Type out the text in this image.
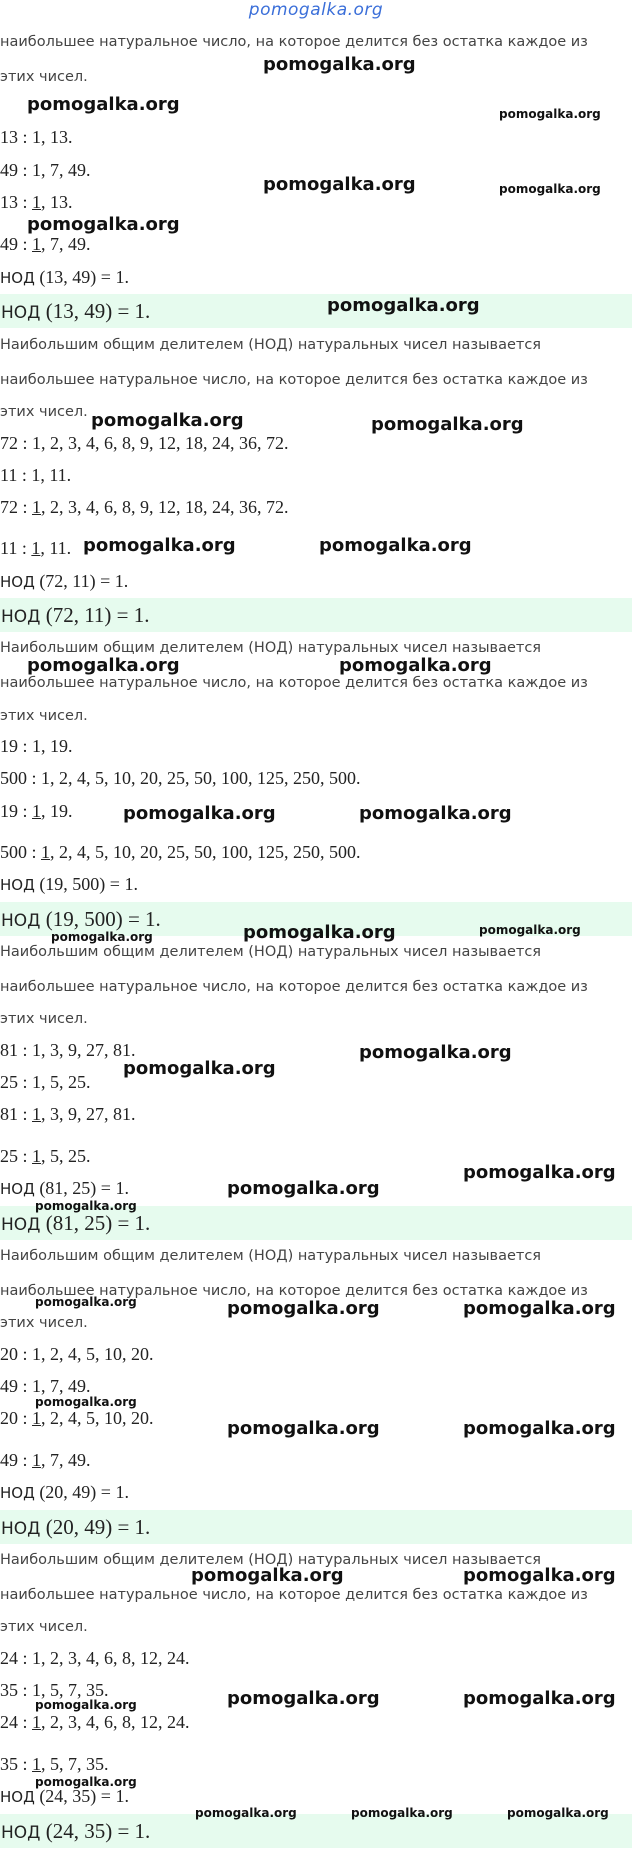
pomogalka.org
наибольшее натуральное число, на которое делится без остатка каждое из
этих чисел.
13 : 1, 13.
49 : 1, 7, 49.
13 : 1, 13.
49 : 1, 7, 49.
НОД (13, 49) = 1.
НОД (13, 49) = 1.
Наибольшим общим делителем (НОД) натуральных чисел называется
наибольшее натуральное число, на которое делится без остатка каждое из
этих чисел.
72 : 1, 2, 3, 4, 6, 8, 9, 12, 18, 24, 36, 72.
11 : 1, 11.
72 : 1, 2, 3, 4, 6, 8, 9, 12, 18, 24, 36, 72.
11 : 1, 11.
НОД (72, 11) = 1.
НОД (72, 11) = 1.
Наибольшим общим делителем (НОД) натуральных чисел называется
наибольшее натуральное число, на которое делится без остатка каждое из
этих чисел.
19 : 1, 19.
500 : 1, 2, 4, 5, 10, 20, 25, 50, 100, 125, 250, 500.
19 : 1, 19.
500 : 1, 2, 4, 5, 10, 20, 25, 50, 100, 125, 250, 500.
НОД (19, 500) = 1.
НОД (19, 500) = 1.
Наибольшим общим делителем (НОД) натуральных чисел называется
наибольшее натуральное число, на которое делится без остатка каждое из
этих чисел.
81 : 1, 3, 9, 27, 81.
25 : 1, 5, 25.
81 : 1, 3, 9, 27, 81.
25 : 1, 5, 25.
НОД (81, 25) = 1.
НОД (81, 25) = 1.
Наибольшим общим делителем (НОД) натуральных чисел называется
наибольшее натуральное число, на которое делится без остатка каждое из
этих чисел.
20 : 1, 2, 4, 5, 10, 20.
49 : 1, 7, 49.
20 : 1, 2, 4, 5, 10, 20.
49 : 1, 7, 49.
НОД (20, 49) = 1.
НОД (20, 49) = 1.
Наибольшим общим делителем (НОД) натуральных чисел называется
наибольшее натуральное число, на которое делится без остатка каждое из
этих чисел.
24 : 1, 2, 3, 4, 6, 8, 12, 24.
35 : 1, 5, 7, 35.
24 : 1, 2, 3, 4, 6, 8, 12, 24.
35 : 1, 5, 7, 35.
НОД (24, 35) = 1.
НОД (24, 35) = 1.
pomogalka.org
pomogalka.org	pomogalka.org
pomogalka.org	pomogalka.org
pomogalka.org
pomogalka.org
pomogalka.org	pomogalka.org
pomogalka.org	pomogalka.org
pomogalka.org	pomogalka.org
pomogalka.org	pomogalka.org
pomogalka.org	pomogalka.org	pomogalka.org
pomogalka.org
pomogalka.org
pomogalka.org
pomogalka.org
pomogalka.org
pomogalka.org	pomogalka.org	pomogalka.org
pomogalka.org
pomogalka.org	pomogalka.org
pomogalka.org	pomogalka.org
pomogalka.org	pomogalka.org	pomogalka.org
pomogalka.org
pomogalka.org	pomogalka.org	pomogalka.org
